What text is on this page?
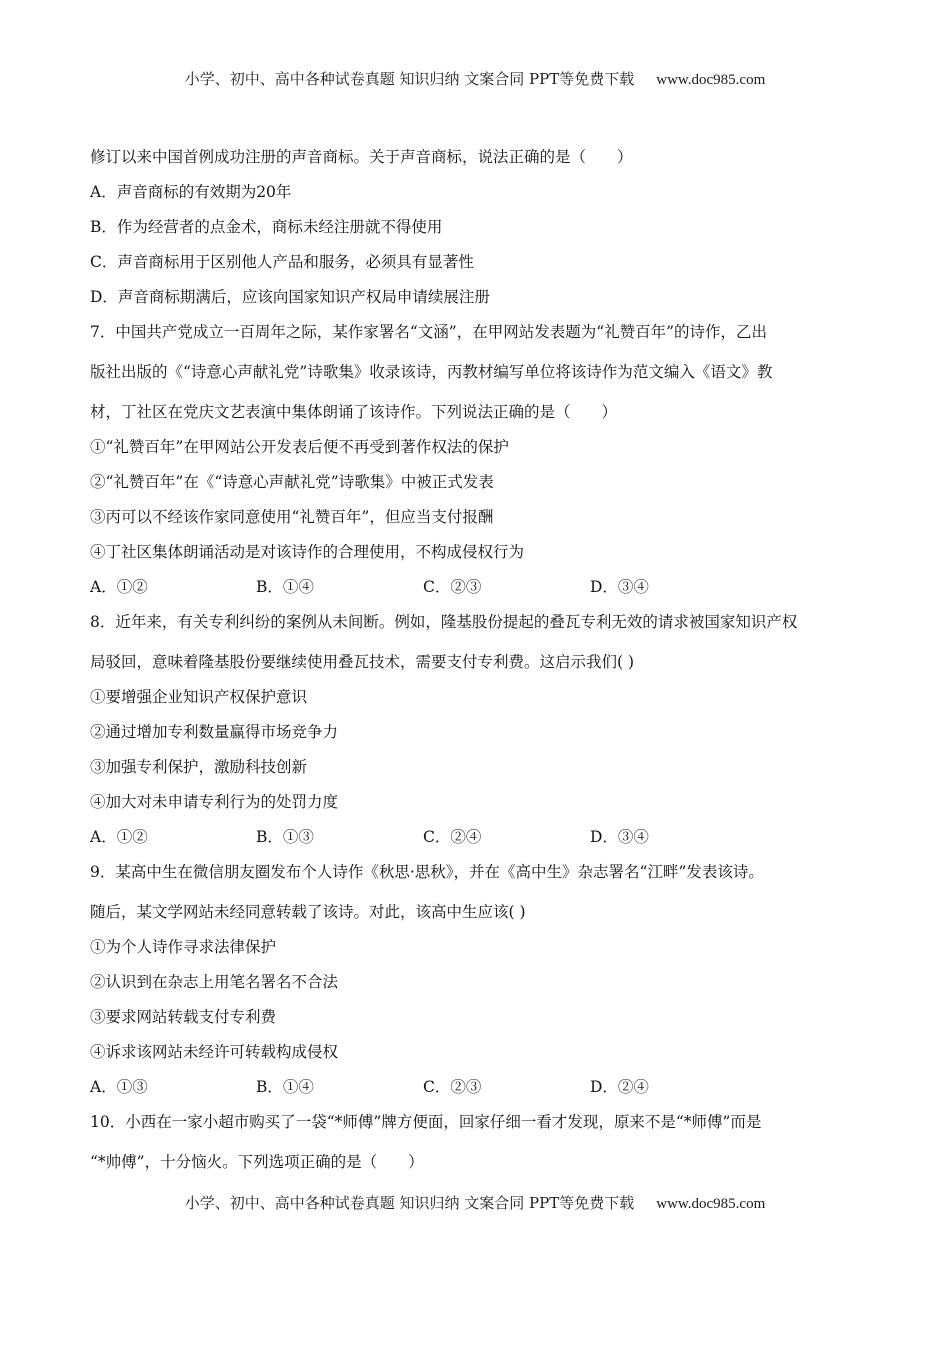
小学、初中、高中各种试卷真题 知识归纳 文案合同 PPT等免费下载 www.doc985.com
修订以来中国首例成功注册的声音商标。关于声音商标，说法正确的是（　　）
A．声音商标的有效期为20年
B．作为经营者的点金术，商标未经注册就不得使用
C．声音商标用于区别他人产品和服务，必须具有显著性
D．声音商标期满后，应该向国家知识产权局申请续展注册
7．中国共产党成立一百周年之际，某作家署名“文涵”，在甲网站发表题为“礼赞百年”的诗作，乙出
版社出版的《“诗意心声献礼党”诗歌集》收录该诗，丙教材编写单位将该诗作为范文编入《语文》教
材，丁社区在党庆文艺表演中集体朗诵了该诗作。下列说法正确的是（　　）
①“礼赞百年”在甲网站公开发表后便不再受到著作权法的保护
②“礼赞百年”在《“诗意心声献礼党”诗歌集》中被正式发表
③丙可以不经该作家同意使用“礼赞百年”，但应当支付报酬
④丁社区集体朗诵活动是对该诗作的合理使用，不构成侵权行为
A．①②	B．①④	C．②③	D．③④
8．近年来，有关专利纠纷的案例从未间断。例如，隆基股份提起的叠瓦专利无效的请求被国家知识产权
局驳回，意味着隆基股份要继续使用叠瓦技术，需要支付专利费。这启示我们( )
①要增强企业知识产权保护意识
②通过增加专利数量赢得市场竞争力
③加强专利保护，激励科技创新
④加大对未申请专利行为的处罚力度
A．①②	B．①③	C．②④	D．③④
9．某高中生在微信朋友圈发布个人诗作《秋思·思秋》，并在《高中生》杂志署名“江畔”发表该诗。
随后，某文学网站未经同意转载了该诗。对此，该高中生应该( )
①为个人诗作寻求法律保护
②认识到在杂志上用笔名署名不合法
③要求网站转载支付专利费
④诉求该网站未经许可转载构成侵权
A．①③	B．①④	C．②③	D．②④
10．小西在一家小超市购买了一袋“*师傅”牌方便面，回家仔细一看才发现，原来不是“*师傅”而是
“*帅傅”，十分恼火。下列选项正确的是（　　）
小学、初中、高中各种试卷真题 知识归纳 文案合同 PPT等免费下载 www.doc985.com
